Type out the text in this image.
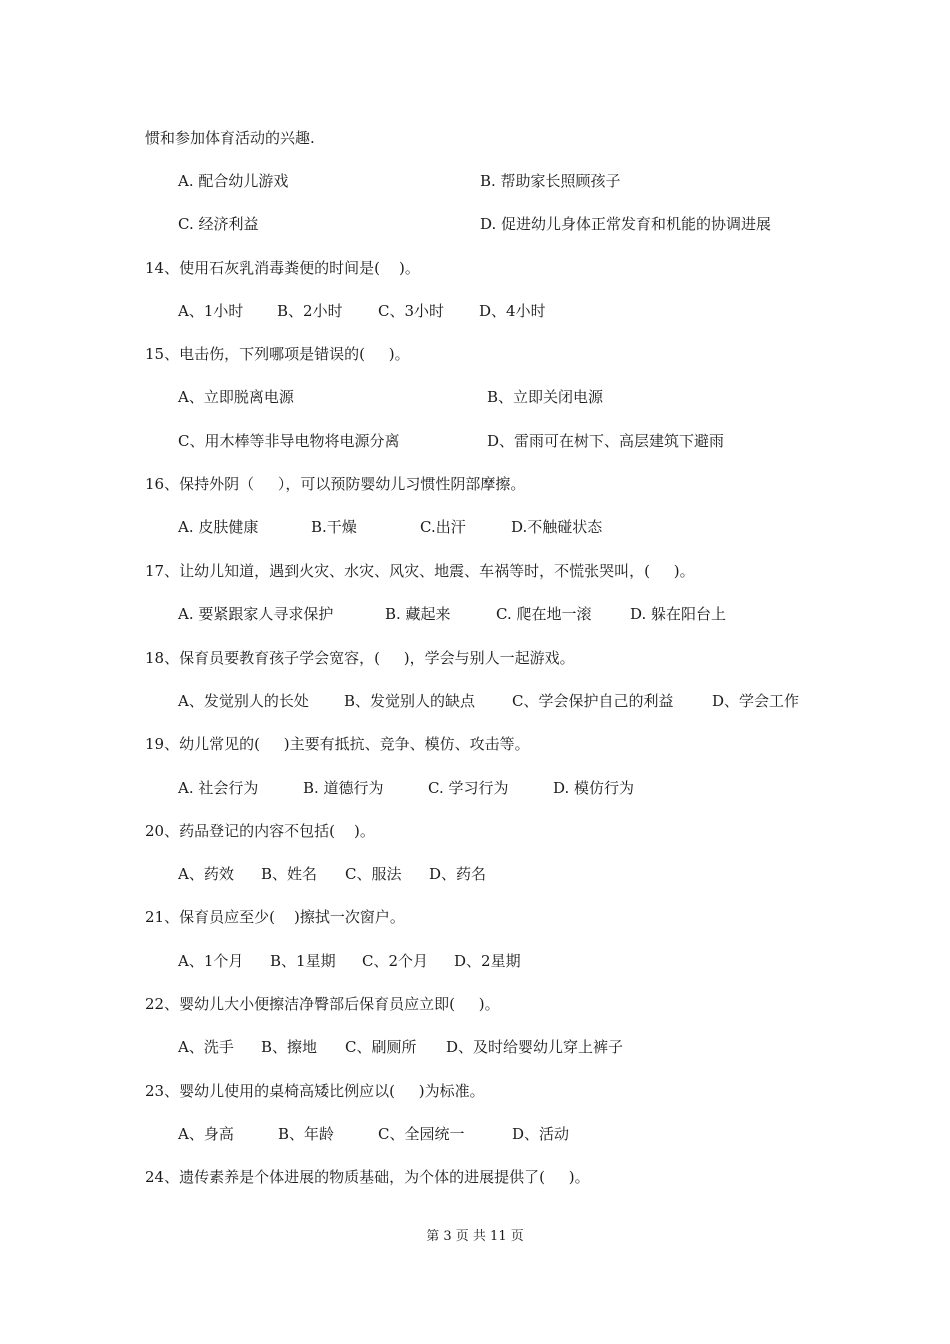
惯和参加体育活动的兴趣.
A. 配合幼儿游戏	B. 帮助家长照顾孩子
C. 经济利益	D. 促进幼儿身体正常发育和机能的协调进展
14、使用石灰乳消毒粪便的时间是(    )。
A、1小时 B、2小时 C、3小时 D、4小时
15、电击伤，下列哪项是错误的(     )。
A、立即脱离电源	B、立即关闭电源
C、用木棒等非导电物将电源分离	D、雷雨可在树下、高层建筑下避雨
16、保持外阴（     ），可以预防婴幼儿习惯性阴部摩擦。
A. 皮肤健康	B.干燥	C.出汗	D.不触碰状态
17、让幼儿知道，遇到火灾、水灾、风灾、地震、车祸等时，不慌张哭叫，(     )。
A. 要紧跟家人寻求保护	B. 藏起来	C. 爬在地一滚	D. 躲在阳台上
18、保育员要教育孩子学会宽容，(     )，学会与别人一起游戏。
A、发觉别人的长处 B、发觉别人的缺点 C、学会保护自己的利益	D、学会工作
19、幼儿常见的(     )主要有抵抗、竞争、模仿、攻击等。
A. 社会行为	B. 道德行为	C. 学习行为	D. 模仿行为
20、药品登记的内容不包括(    )。
A、药效 B、姓名 C、服法 D、药名
21、保育员应至少(    )擦拭一次窗户。
A、1个月 B、1星期 C、2个月 D、2星期
22、婴幼儿大小便擦洁净臀部后保育员应立即(     )。
A、洗手 B、擦地 C、刷厕所 D、及时给婴幼儿穿上裤子
23、婴幼儿使用的桌椅高矮比例应以(     )为标准。
A、身高	B、年龄	C、全园统一	D、活动
24、遗传素养是个体进展的物质基础，为个体的进展提供了(     )。
第 3 页 共 11 页
